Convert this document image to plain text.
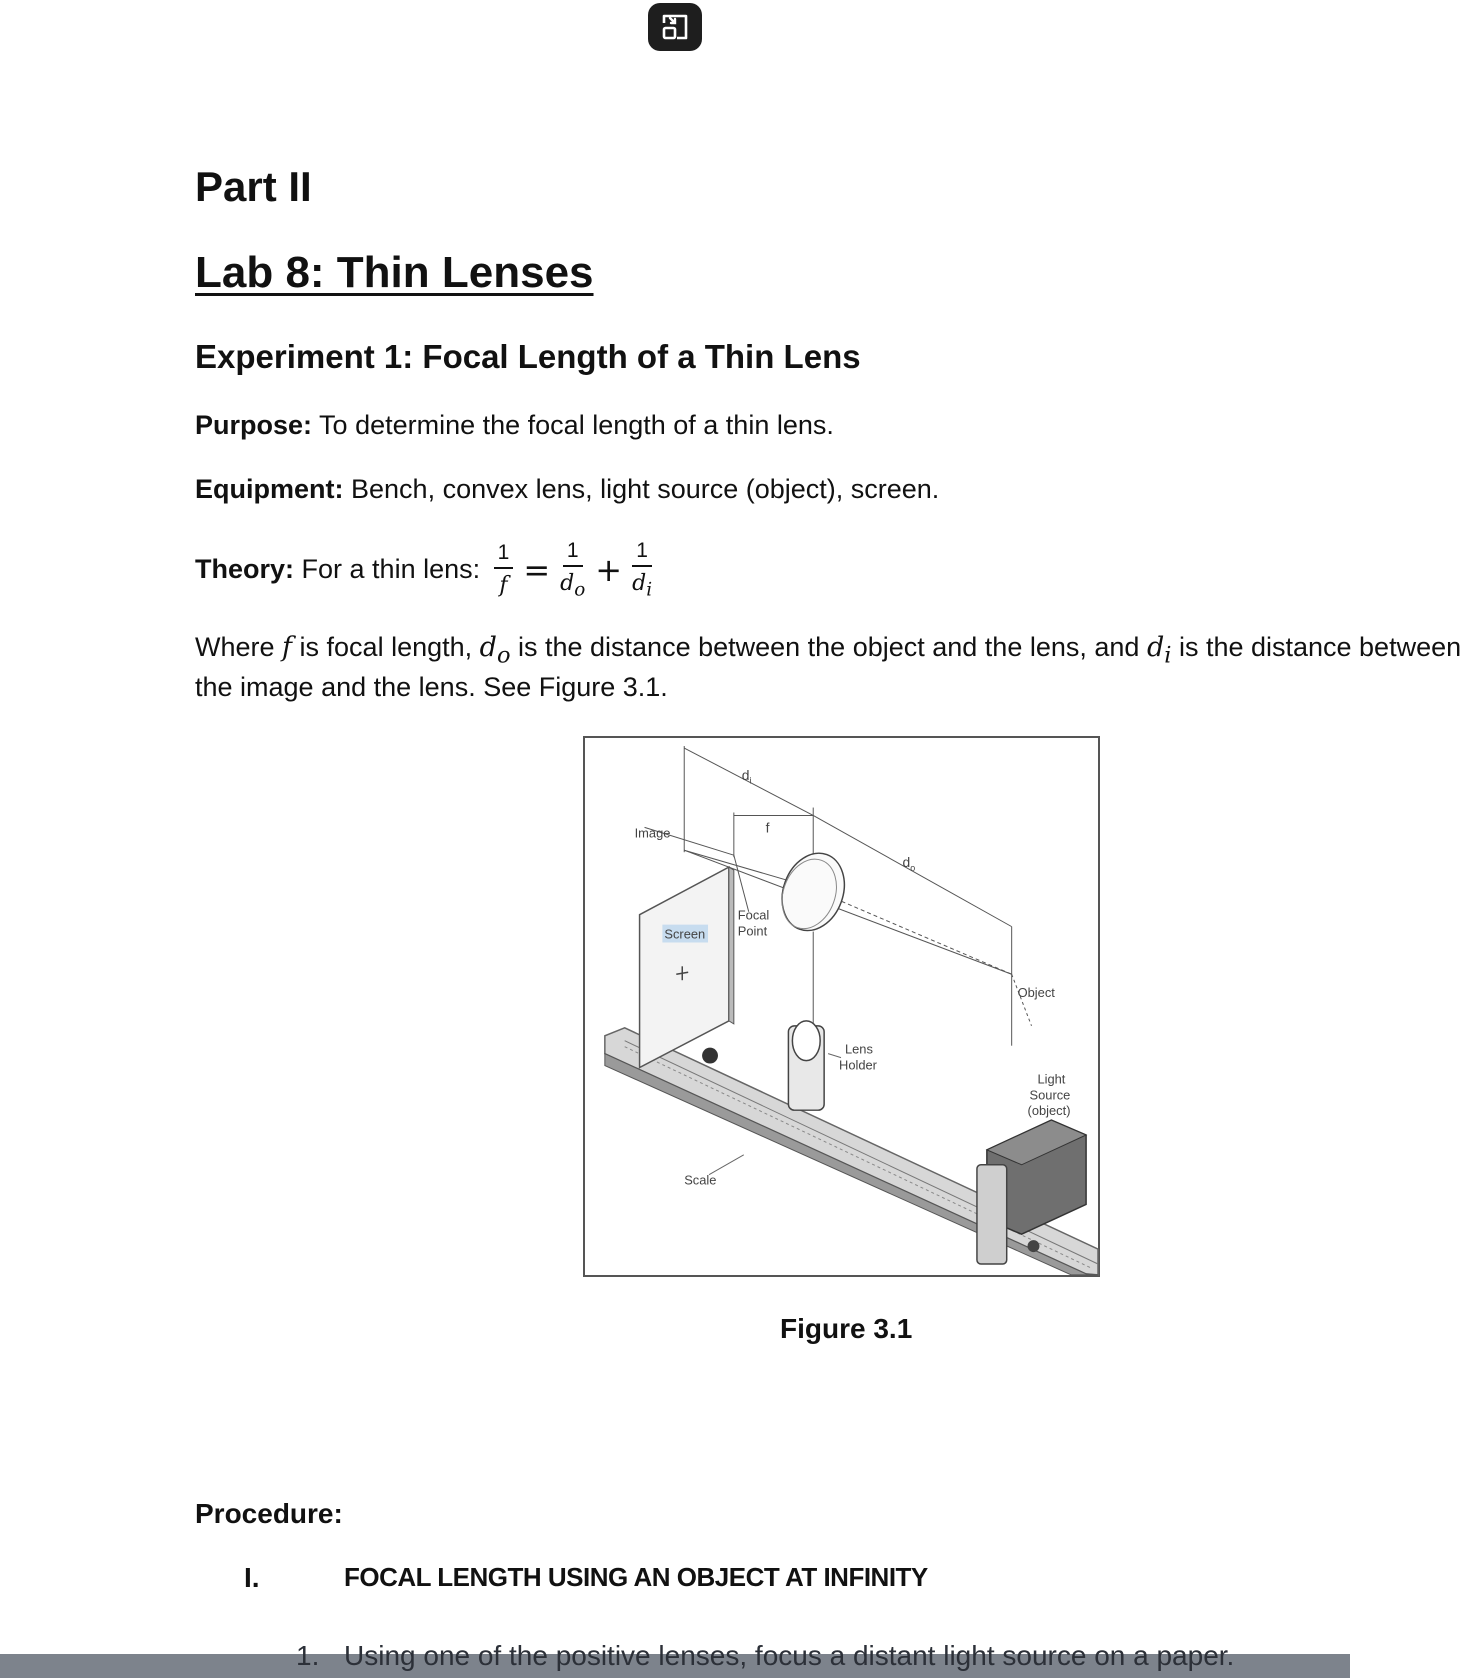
Part II
Lab 8: Thin Lenses
Experiment 1: Focal Length of a Thin Lens
Purpose: To determine the focal length of a thin lens.
Equipment: Bench, convex lens, light source (object), screen.
Theory:
For a thin lens:
$\frac{1}{f} = \frac{1}{d_o} + \frac{1}{d_i}$
Where f is focal length, $d_o$ is the distance between the object and the lens, and $d_i$ is the distance between
the image and the lens. See Figure 3.1.
$d_i$
f
$d_o$
Image
Screen
Focal
Point
Object
Lens
Holder
Light
Source
(object)
Scale
Figure 3.1
Procedure:
I.	FOCAL LENGTH USING AN OBJECT AT INFINITY
1. Using one of the positive lenses, focus a distant light source on a paper.
